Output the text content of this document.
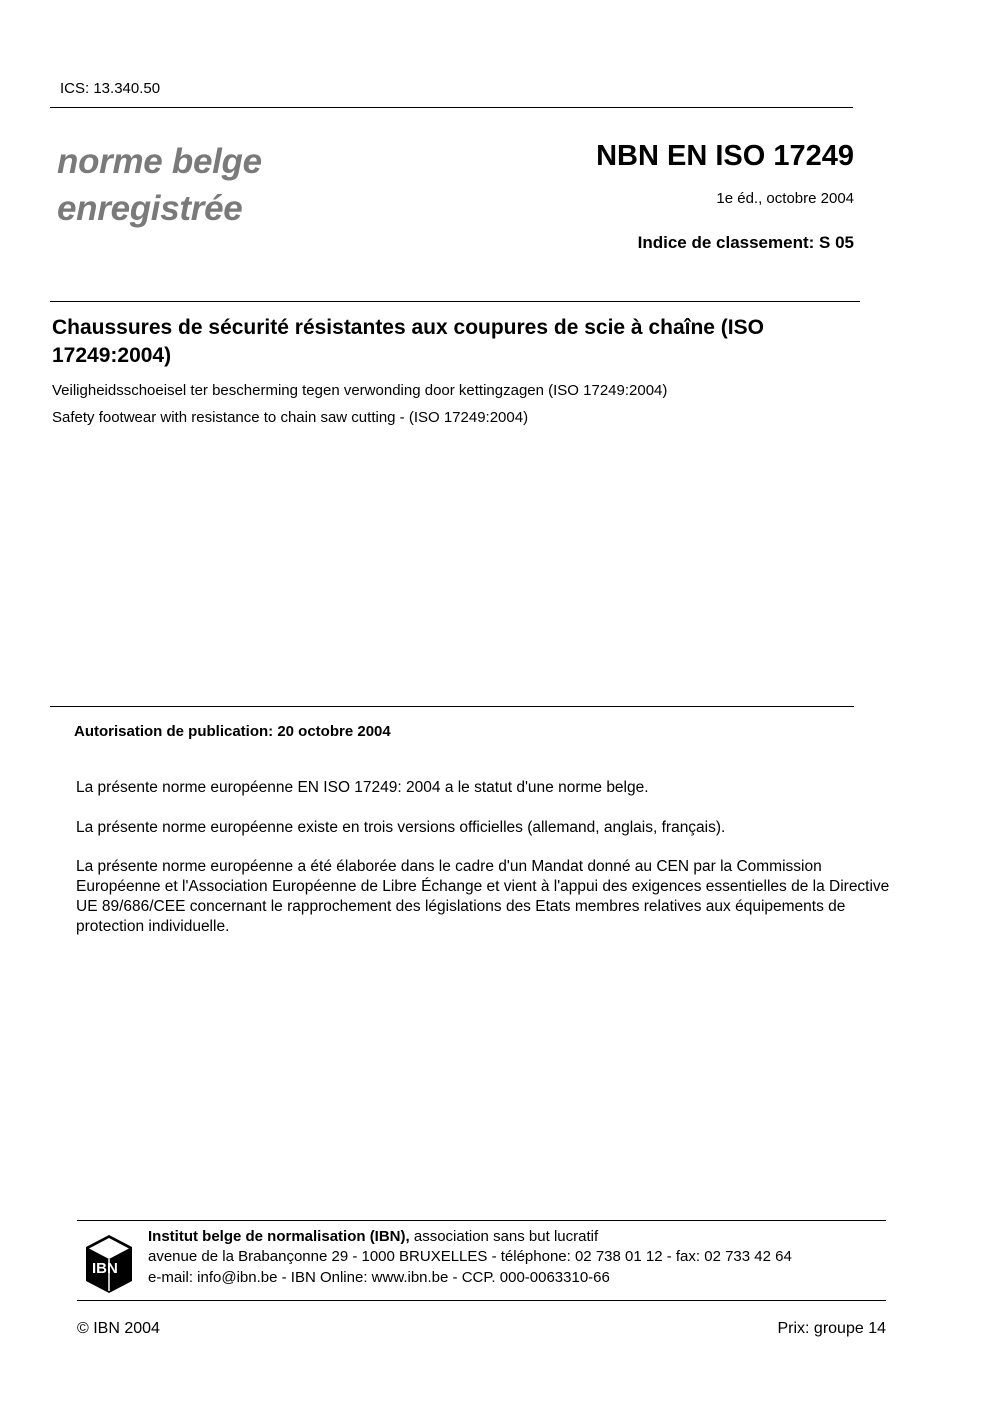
ICS: 13.340.50
norme belge
enregistrée
NBN EN ISO 17249
1e éd., octobre 2004
Indice de classement: S 05
Chaussures de sécurité résistantes aux coupures de scie à chaîne (ISO 17249:2004)
Veiligheidsschoeisel ter bescherming tegen verwonding door kettingzagen (ISO 17249:2004)
Safety footwear with resistance to chain saw cutting - (ISO 17249:2004)
Autorisation de publication: 20 octobre 2004
La présente norme européenne EN ISO 17249: 2004 a le statut d'une norme belge.
La présente norme européenne existe en trois versions officielles (allemand, anglais, français).
La présente norme européenne a été élaborée dans le cadre d'un Mandat donné au CEN par la Commission Européenne et l'Association Européenne de Libre Échange et vient à l'appui des exigences essentielles de la Directive UE 89/686/CEE concernant le rapprochement des législations des Etats membres relatives aux équipements de protection individuelle.
IBN
Institut belge de normalisation (IBN), association sans but lucratif
avenue de la Brabançonne 29 - 1000 BRUXELLES - téléphone: 02 738 01 12 - fax: 02 733 42 64
e-mail: info@ibn.be - IBN Online: www.ibn.be - CCP. 000-0063310-66
© IBN 2004	Prix: groupe 14
